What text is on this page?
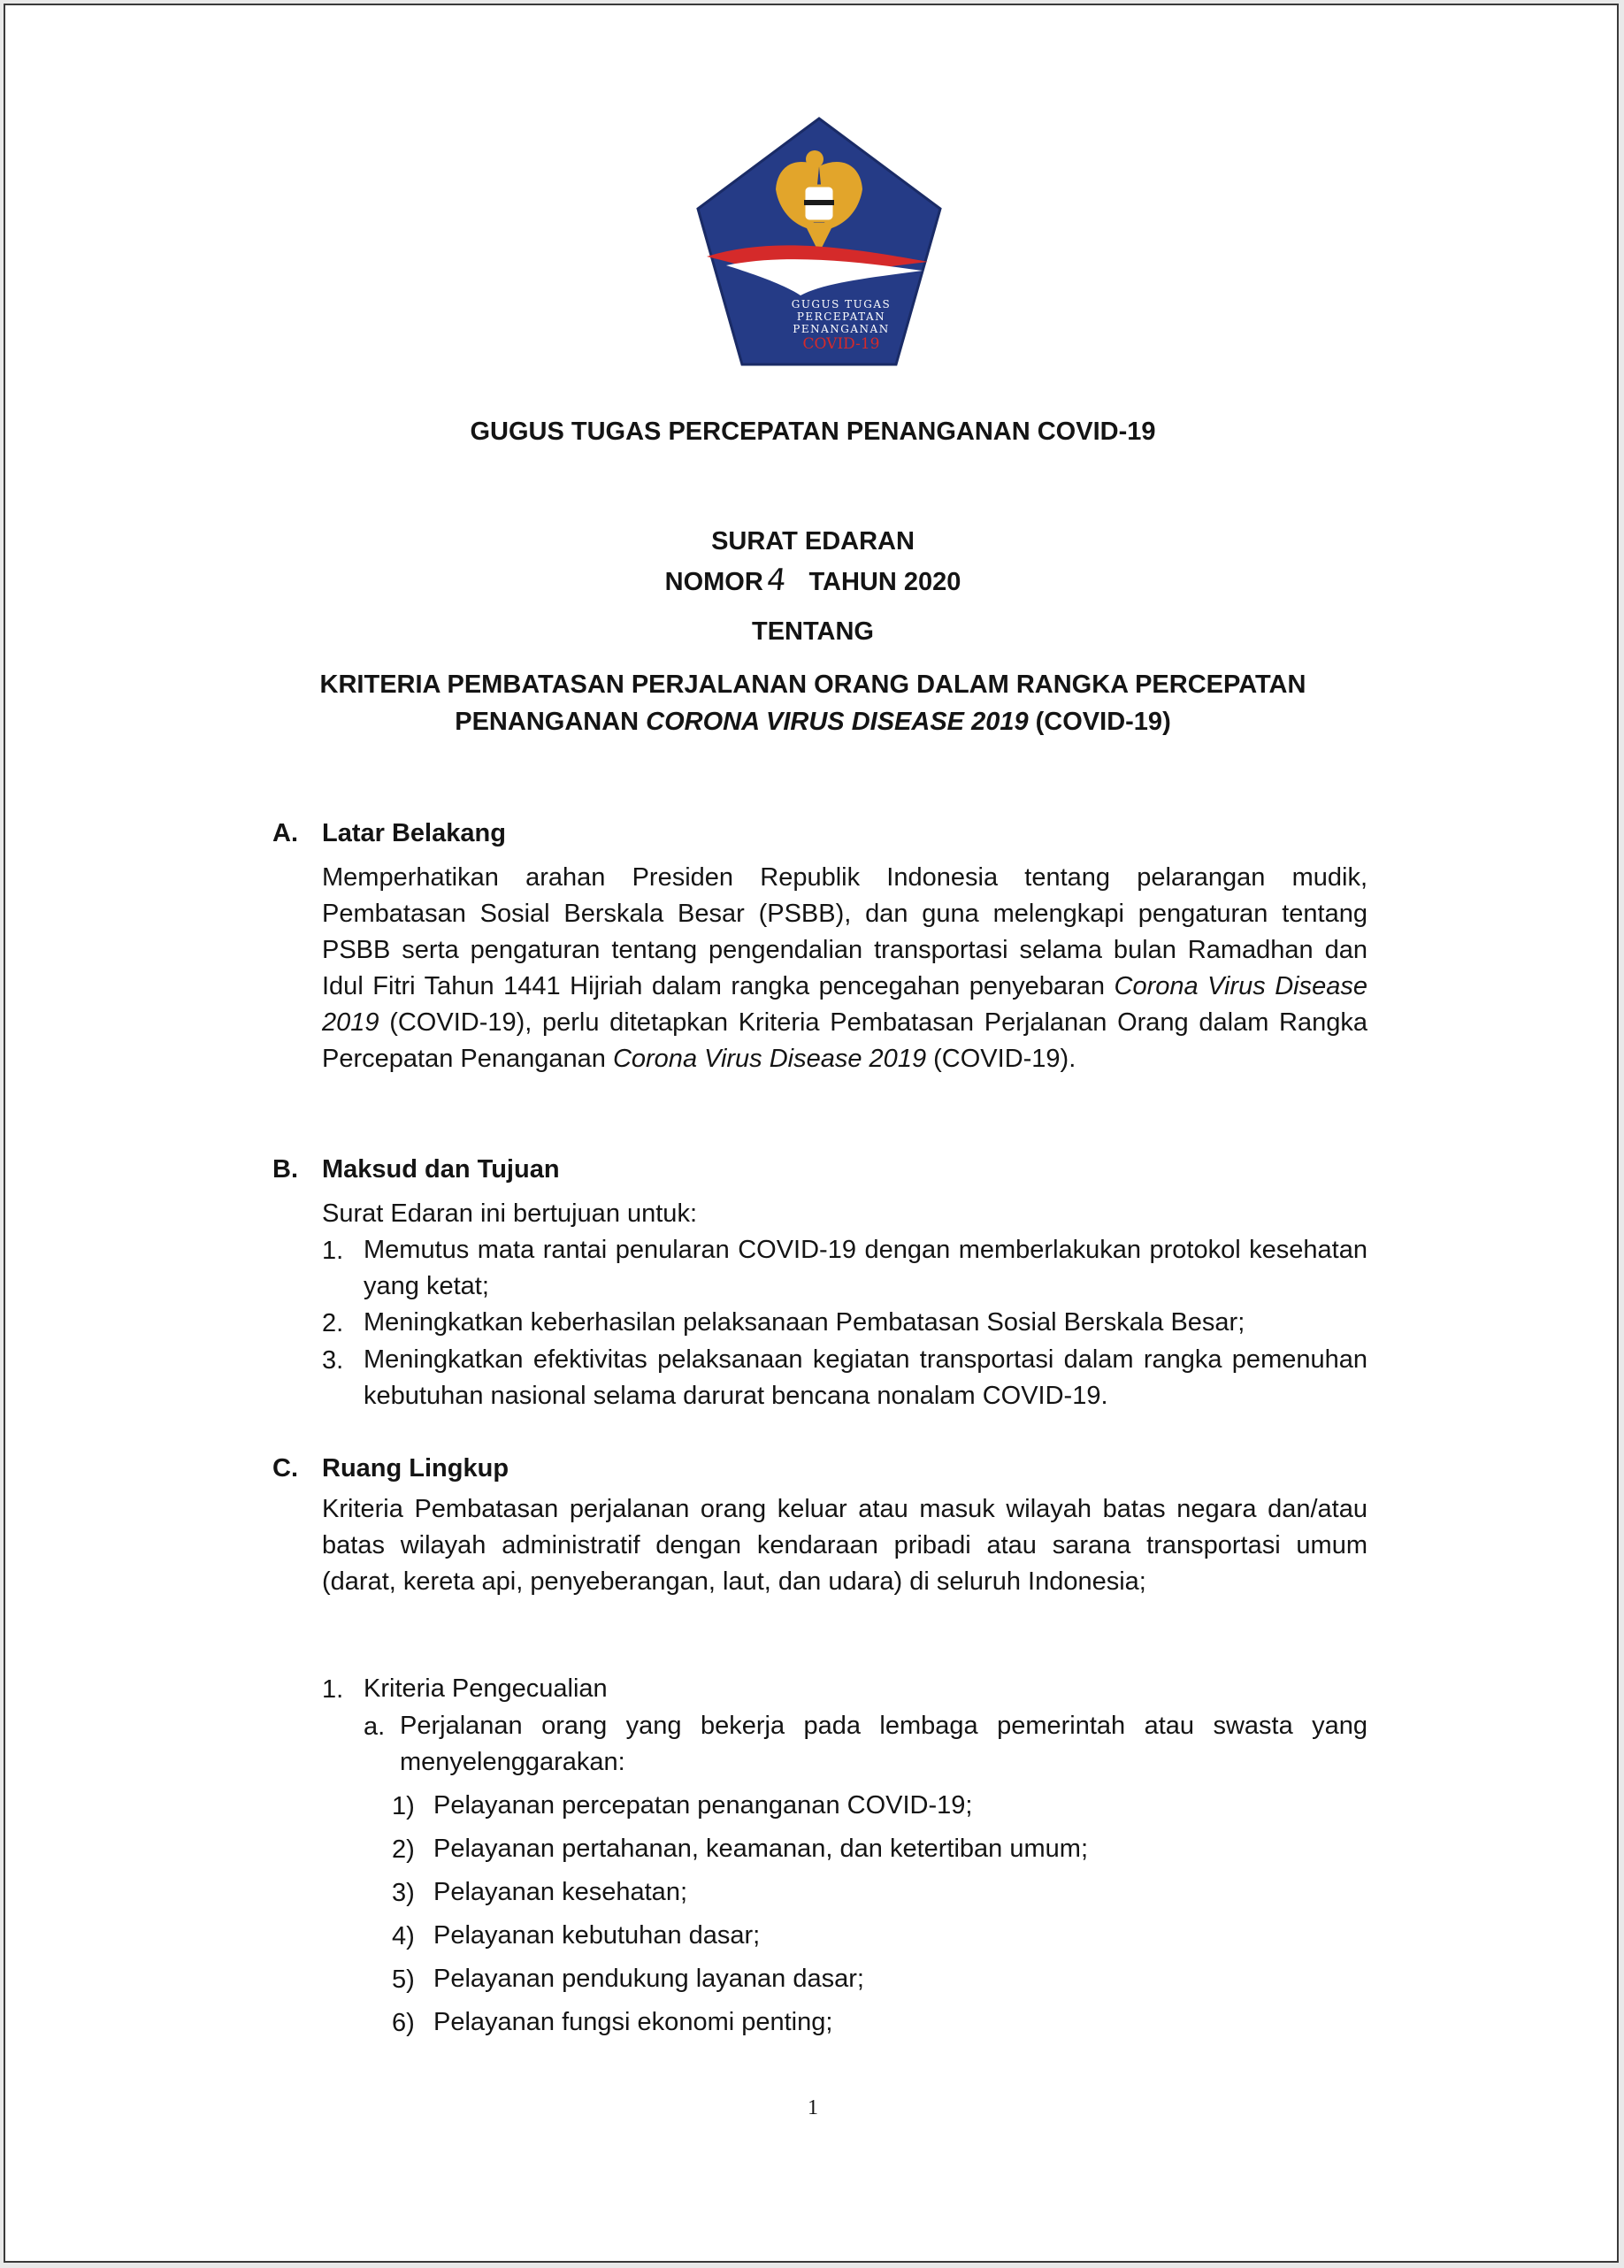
GUGUS TUGAS
PERCEPATAN
PENANGANAN
COVID-19
GUGUS TUGAS PERCEPATAN PENANGANAN COVID-19
SURAT EDARAN
NOMOR4 TAHUN 2020
TENTANG
KRITERIA PEMBATASAN PERJALANAN ORANG DALAM RANGKA PERCEPATAN
PENANGANAN CORONA VIRUS DISEASE 2019 (COVID-19)
A. Latar Belakang
Memperhatikan arahan Presiden Republik Indonesia tentang pelarangan mudik, Pembatasan Sosial Berskala Besar (PSBB), dan guna melengkapi pengaturan tentang PSBB serta pengaturan tentang pengendalian transportasi selama bulan Ramadhan dan Idul Fitri Tahun 1441 Hijriah dalam rangka pencegahan penyebaran Corona Virus Disease 2019 (COVID-19), perlu ditetapkan Kriteria Pembatasan Perjalanan Orang dalam Rangka Percepatan Penanganan Corona Virus Disease 2019 (COVID-19).
B. Maksud dan Tujuan
Surat Edaran ini bertujuan untuk:
1. Memutus mata rantai penularan COVID-19 dengan memberlakukan protokol kesehatan yang ketat;
2. Meningkatkan keberhasilan pelaksanaan Pembatasan Sosial Berskala Besar;
3. Meningkatkan efektivitas pelaksanaan kegiatan transportasi dalam rangka pemenuhan kebutuhan nasional selama darurat bencana nonalam COVID-19.
C. Ruang Lingkup
Kriteria Pembatasan perjalanan orang keluar atau masuk wilayah batas negara dan/atau batas wilayah administratif dengan kendaraan pribadi atau sarana transportasi umum (darat, kereta api, penyeberangan, laut, dan udara) di seluruh Indonesia;
1. Kriteria Pengecualian
a. Perjalanan orang yang bekerja pada lembaga pemerintah atau swasta yang menyelenggarakan:
1) Pelayanan percepatan penanganan COVID-19;
2) Pelayanan pertahanan, keamanan, dan ketertiban umum;
3) Pelayanan kesehatan;
4) Pelayanan kebutuhan dasar;
5) Pelayanan pendukung layanan dasar;
6) Pelayanan fungsi ekonomi penting;
1
